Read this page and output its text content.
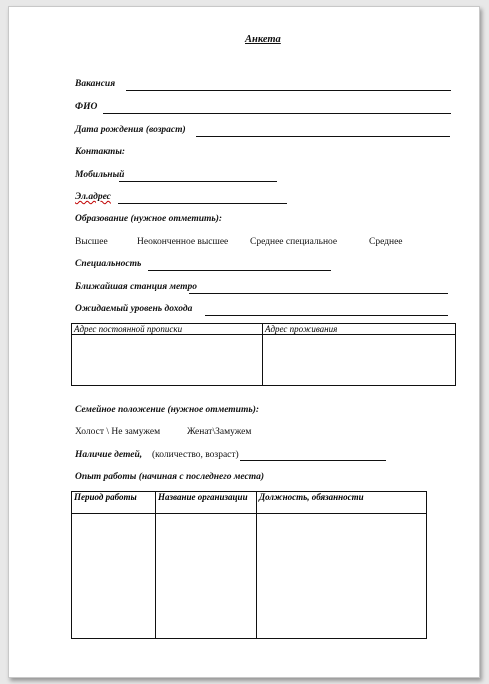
Анкета
Вакансия
ФИО
Дата рождения (возраст)
Контакты:
Мобильный
Эл.адрес
Образование (нужное отметить):
Высшее	Неоконченное высшее Среднее специальное	Среднее
Специальность
Ближайшая станция метро
Ожидаемый уровень дохода
Адрес постоянной прописки	Адрес проживания

Семейное положение (нужное отметить):
Холост \ Не замужем	Женат\Замужем
Наличие детей, (количество, возраст)
Опыт работы (начиная с последнего места)
Период работы	Название организации	Должность, обязанности
